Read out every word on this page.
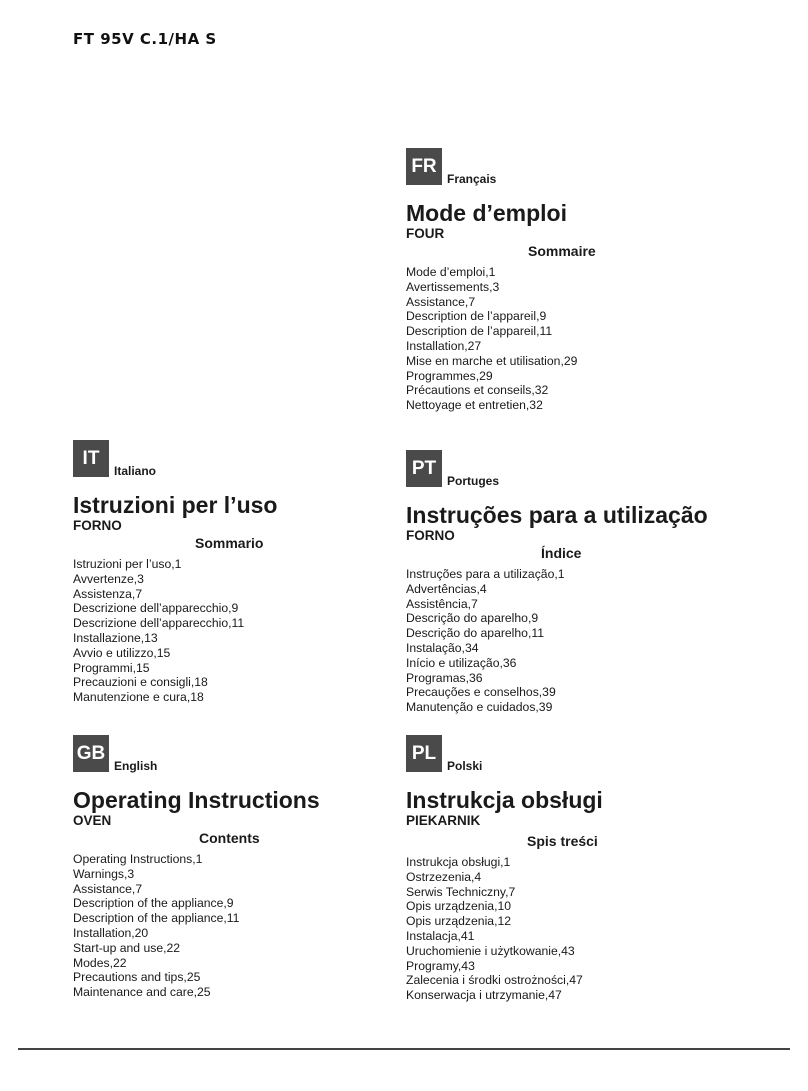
FT 95V C.1/HA S
FR
Français
Mode d’emploi
FOUR
Sommaire
Mode d’emploi,1
Avertissements,3
Assistance,7
Description de l’appareil,9
Description de l’appareil,11
Installation,27
Mise en marche et utilisation,29
Programmes,29
Précautions et conseils,32
Nettoyage et entretien,32
IT
Italiano
Istruzioni per l’uso
FORNO
Sommario
Istruzioni per l’uso,1
Avvertenze,3
Assistenza,7
Descrizione dell’apparecchio,9
Descrizione dell’apparecchio,11
Installazione,13
Avvio e utilizzo,15
Programmi,15
Precauzioni e consigli,18
Manutenzione e cura,18
PT
Portuges
Instruções para a utilização
FORNO
Índice
Instruções para a utilização,1
Advertências,4
Assistência,7
Descrição do aparelho,9
Descrição do aparelho,11
Instalação,34
Início e utilização,36
Programas,36
Precauções e conselhos,39
Manutenção e cuidados,39
GB
English
Operating Instructions
OVEN
Contents
Operating Instructions,1
Warnings,3
Assistance,7
Description of the appliance,9
Description of the appliance,11
Installation,20
Start-up and use,22
Modes,22
Precautions and tips,25
Maintenance and care,25
PL
Polski
Instrukcja obsługi
PIEKARNIK
Spis treści
Instrukcja obsługi,1
Ostrzezenia,4
Serwis Techniczny,7
Opis urządzenia,10
Opis urządzenia,12
Instalacja,41
Uruchomienie i użytkowanie,43
Programy,43
Zalecenia i środki ostrożności,47
Konserwacja i utrzymanie,47
